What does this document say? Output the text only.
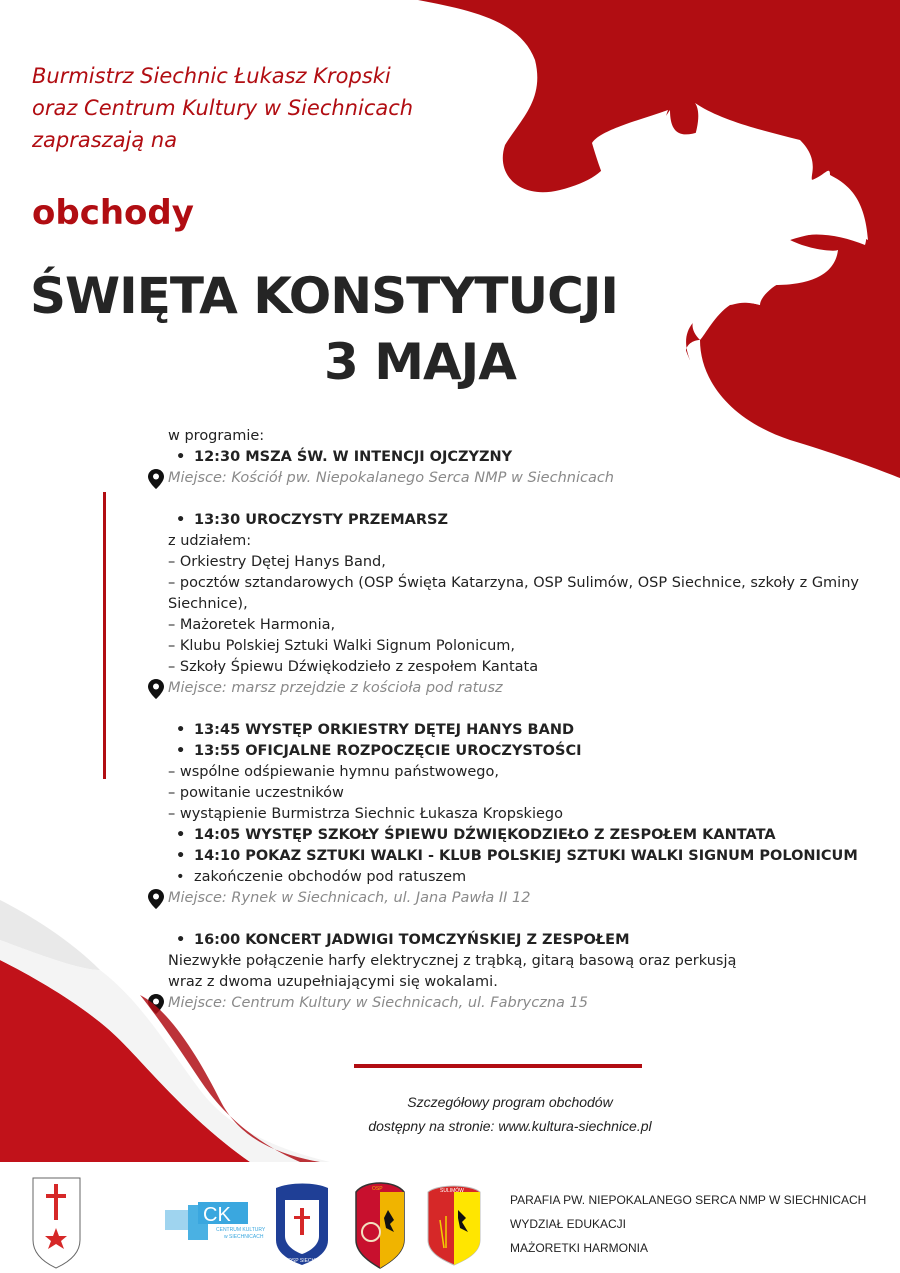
Burmistrz Siechnic Łukasz Kropski
oraz Centrum Kultury w Siechnicach
zapraszają na
obchody
ŚWIĘTA KONSTYTUCJI
3 MAJA
w programie:
• 12:30 MSZA ŚW. W INTENCJI OJCZYZNY
Miejsce: Kościół pw. Niepokalanego Serca NMP w Siechnicach
• 13:30 UROCZYSTY PRZEMARSZ
z udziałem:
– Orkiestry Dętej Hanys Band,
– pocztów sztandarowych (OSP Święta Katarzyna, OSP Sulimów, OSP Siechnice, szkoły z Gminy Siechnice),
– Mażoretek Harmonia,
– Klubu Polskiej Sztuki Walki Signum Polonicum,
– Szkoły Śpiewu Dźwiękodzieło z zespołem Kantata
Miejsce: marsz przejdzie z kościoła pod ratusz
• 13:45 WYSTĘP ORKIESTRY DĘTEJ HANYS BAND
• 13:55 OFICJALNE ROZPOCZĘCIE UROCZYSTOŚCI
– wspólne odśpiewanie hymnu państwowego,
– powitanie uczestników
– wystąpienie Burmistrza Siechnic Łukasza Kropskiego
• 14:05 WYSTĘP SZKOŁY ŚPIEWU DŹWIĘKODZIEŁO Z ZESPOŁEM KANTATA
• 14:10 POKAZ SZTUKI WALKI - KLUB POLSKIEJ SZTUKI WALKI SIGNUM POLONICUM
• zakończenie obchodów pod ratuszem
Miejsce: Rynek w Siechnicach, ul. Jana Pawła II 12
• 16:00 KONCERT JADWIGI TOMCZYŃSKIEJ Z ZESPOŁEM
Niezwykłe połączenie harfy elektrycznej z trąbką, gitarą basową oraz perkusją
wraz z dwoma uzupełniającymi się wokalami.
Miejsce: Centrum Kultury w Siechnicach, ul. Fabryczna 15
Szczegółowy program obchodów
dostępny na stronie: www.kultura-siechnice.pl
CK
CENTRUM KULTURY
w SIECHNICACH
OSP SIECHNICE
OSP	SULIMÓW
PARAFIA PW. NIEPOKALANEGO SERCA NMP W SIECHNICACH
WYDZIAŁ EDUKACJI
MAŻORETKI HARMONIA
